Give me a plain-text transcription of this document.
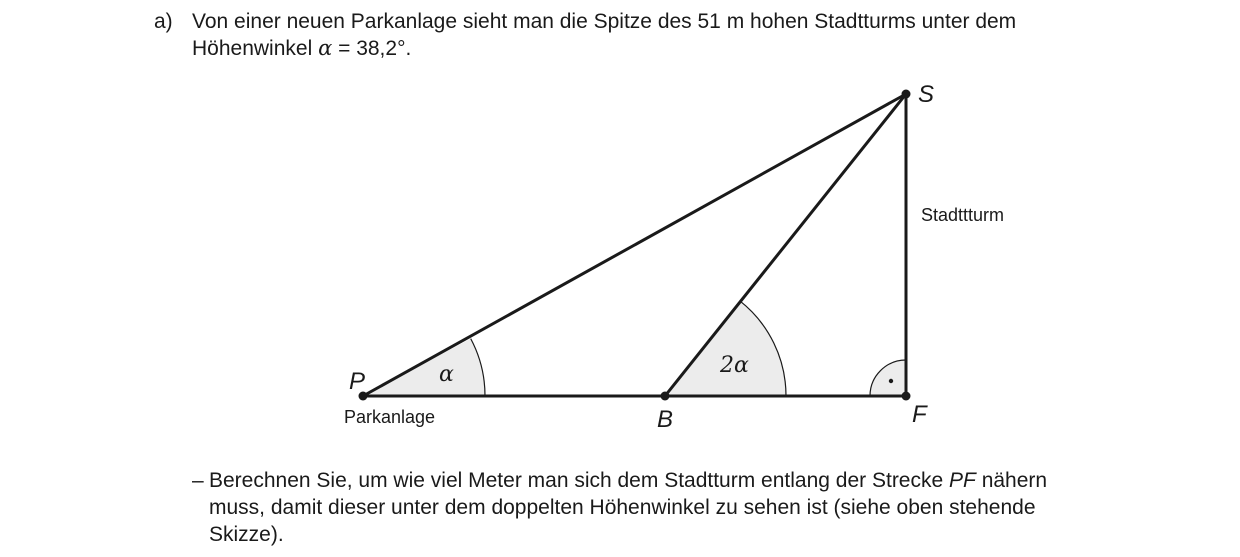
a) Von einer neuen Parkanlage sieht man die Spitze des 51 m hohen Stadtturms unter dem Höhenwinkel α = 38,2°.
P
B	F
S
Stadttturm
Parkanlage
α	2α
– Berechnen Sie, um wie viel Meter man sich dem Stadtturm entlang der Strecke PF nähern muss, damit dieser unter dem doppelten Höhenwinkel zu sehen ist (siehe oben stehende Skizze).
